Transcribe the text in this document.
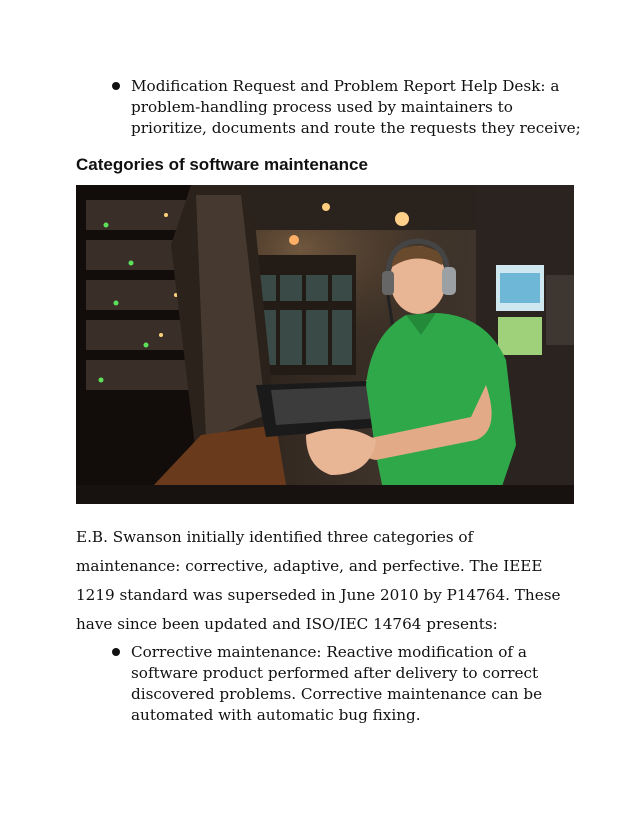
Modification Request and Problem Report Help Desk: a problem-handling process used by maintainers to prioritize, documents and route the requests they receive;
Categories of software maintenance

E.B. Swanson initially identified three categories of maintenance: corrective, adaptive, and perfective. The IEEE 1219 standard was superseded in June 2010 by P14764. These have since been updated and ISO/IEC 14764 presents:

Corrective maintenance: Reactive modification of a software product performed after delivery to correct discovered problems. Corrective maintenance can be automated with automatic bug fixing.
